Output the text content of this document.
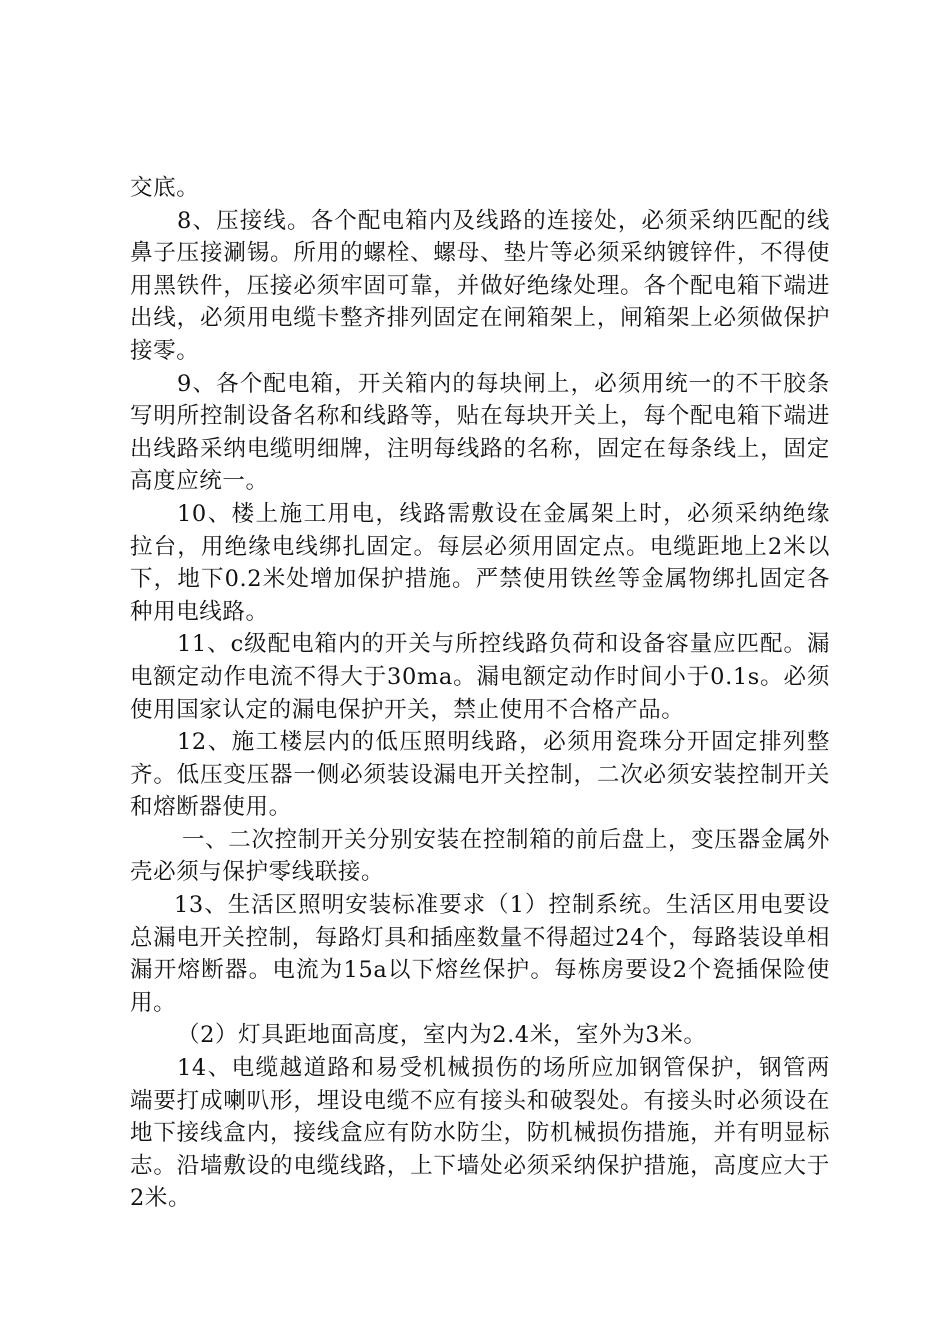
交底。

8、压接线。各个配电箱内及线路的连接处，必须采纳匹配的线鼻子压接涮锡。所用的螺栓、螺母、垫片等必须采纳镀锌件，不得使用黑铁件，压接必须牢固可靠，并做好绝缘处理。各个配电箱下端进出线，必须用电缆卡整齐排列固定在闸箱架上，闸箱架上必须做保护接零。

9、各个配电箱，开关箱内的每块闸上，必须用统一的不干胶条写明所控制设备名称和线路等，贴在每块开关上，每个配电箱下端进出线路采纳电缆明细牌，注明每线路的名称，固定在每条线上，固定高度应统一。

10、楼上施工用电，线路需敷设在金属架上时，必须采纳绝缘拉台，用绝缘电线绑扎固定。每层必须用固定点。电缆距地上2米以下，地下0.2米处增加保护措施。严禁使用铁丝等金属物绑扎固定各种用电线路。

11、c级配电箱内的开关与所控线路负荷和设备容量应匹配。漏电额定动作电流不得大于30ma。漏电额定动作时间小于0.1s。必须使用国家认定的漏电保护开关，禁止使用不合格产品。

12、施工楼层内的低压照明线路，必须用瓷珠分开固定排列整齐。低压变压器一侧必须装设漏电开关控制，二次必须安装控制开关和熔断器使用。

一、二次控制开关分别安装在控制箱的前后盘上，变压器金属外壳必须与保护零线联接。

13、生活区照明安装标准要求（1）控制系统。生活区用电要设总漏电开关控制，每路灯具和插座数量不得超过24个，每路装设单相漏开熔断器。电流为15a以下熔丝保护。每栋房要设2个瓷插保险使用。

（2）灯具距地面高度，室内为2.4米，室外为3米。

14、电缆越道路和易受机械损伤的场所应加钢管保护，钢管两端要打成喇叭形，埋设电缆不应有接头和破裂处。有接头时必须设在地下接线盒内，接线盒应有防水防尘，防机械损伤措施，并有明显标志。沿墙敷设的电缆线路，上下墙处必须采纳保护措施，高度应大于2米。
